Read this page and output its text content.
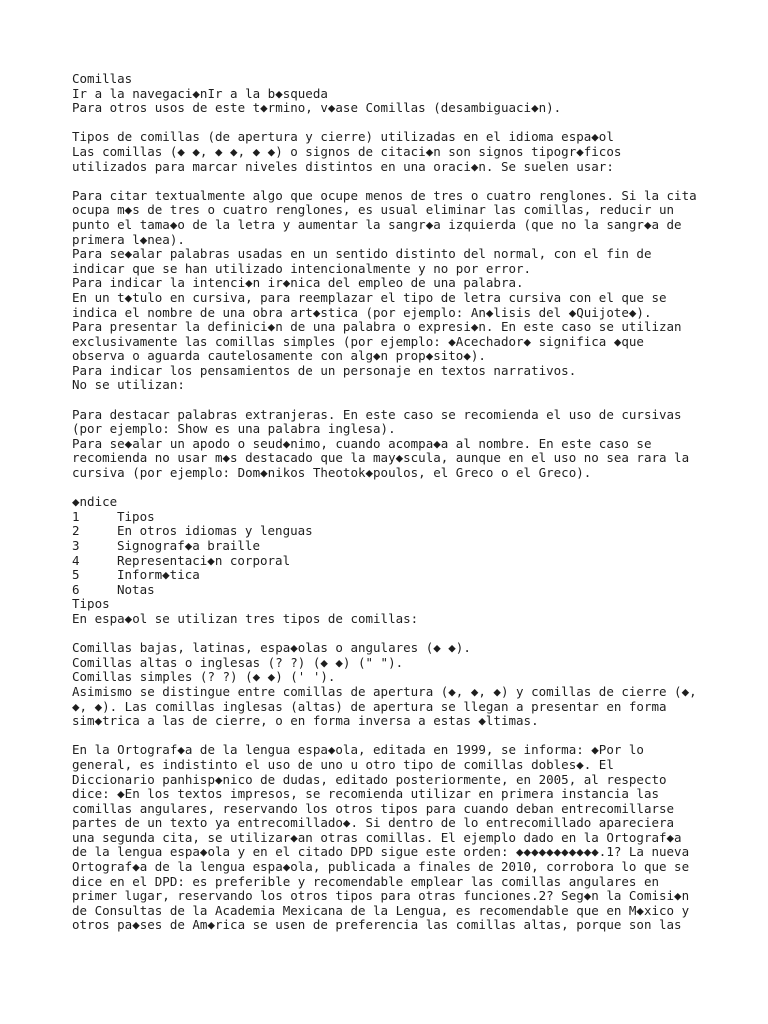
Comillas
Ir a la navegaci◆nIr a la b◆squeda
Para otros usos de este t◆rmino, v◆ase Comillas (desambiguaci◆n).
Tipos de comillas (de apertura y cierre) utilizadas en el idioma espa◆ol
Las comillas (◆ ◆, ◆ ◆, ◆ ◆) o signos de citaci◆n son signos tipogr◆ficos
utilizados para marcar niveles distintos en una oraci◆n. Se suelen usar:
Para citar textualmente algo que ocupe menos de tres o cuatro renglones. Si la cita
ocupa m◆s de tres o cuatro renglones, es usual eliminar las comillas, reducir un
punto el tama◆o de la letra y aumentar la sangr◆a izquierda (que no la sangr◆a de
primera l◆nea).
Para se◆alar palabras usadas en un sentido distinto del normal, con el fin de
indicar que se han utilizado intencionalmente y no por error.
Para indicar la intenci◆n ir◆nica del empleo de una palabra.
En un t◆tulo en cursiva, para reemplazar el tipo de letra cursiva con el que se
indica el nombre de una obra art◆stica (por ejemplo: An◆lisis del ◆Quijote◆).
Para presentar la definici◆n de una palabra o expresi◆n. En este caso se utilizan
exclusivamente las comillas simples (por ejemplo: ◆Acechador◆ significa ◆que
observa o aguarda cautelosamente con alg◆n prop◆sito◆).
Para indicar los pensamientos de un personaje en textos narrativos.
No se utilizan:
Para destacar palabras extranjeras. En este caso se recomienda el uso de cursivas
(por ejemplo: Show es una palabra inglesa).
Para se◆alar un apodo o seud◆nimo, cuando acompa◆a al nombre. En este caso se
recomienda no usar m◆s destacado que la may◆scula, aunque en el uso no sea rara la
cursiva (por ejemplo: Dom◆nikos Theotok◆poulos, el Greco o el Greco).
◆ndice
1	Tipos
2	En otros idiomas y lenguas
3	Signograf◆a braille
4	Representaci◆n corporal
5	Inform◆tica
6	Notas
Tipos
En espa◆ol se utilizan tres tipos de comillas:
Comillas bajas, latinas, espa◆olas o angulares (◆ ◆).
Comillas altas o inglesas (? ?) (◆ ◆) (" ").
Comillas simples (? ?) (◆ ◆) (' ').
Asimismo se distingue entre comillas de apertura (◆, ◆, ◆) y comillas de cierre (◆,
◆, ◆). Las comillas inglesas (altas) de apertura se llegan a presentar en forma
sim◆trica a las de cierre, o en forma inversa a estas ◆ltimas.
En la Ortograf◆a de la lengua espa◆ola, editada en 1999, se informa: ◆Por lo
general, es indistinto el uso de uno u otro tipo de comillas dobles◆. El
Diccionario panhisp◆nico de dudas, editado posteriormente, en 2005, al respecto
dice: ◆En los textos impresos, se recomienda utilizar en primera instancia las
comillas angulares, reservando los otros tipos para cuando deban entrecomillarse
partes de un texto ya entrecomillado◆. Si dentro de lo entrecomillado apareciera
una segunda cita, se utilizar◆an otras comillas. El ejemplo dado en la Ortograf◆a
de la lengua espa◆ola y en el citado DPD sigue este orden: ◆◆◆◆◆◆◆◆◆◆◆.1? La nueva
Ortograf◆a de la lengua espa◆ola, publicada a finales de 2010, corrobora lo que se
dice en el DPD: es preferible y recomendable emplear las comillas angulares en
primer lugar, reservando los otros tipos para otras funciones.2? Seg◆n la Comisi◆n
de Consultas de la Academia Mexicana de la Lengua, es recomendable que en M◆xico y
otros pa◆ses de Am◆rica se usen de preferencia las comillas altas, porque son las
